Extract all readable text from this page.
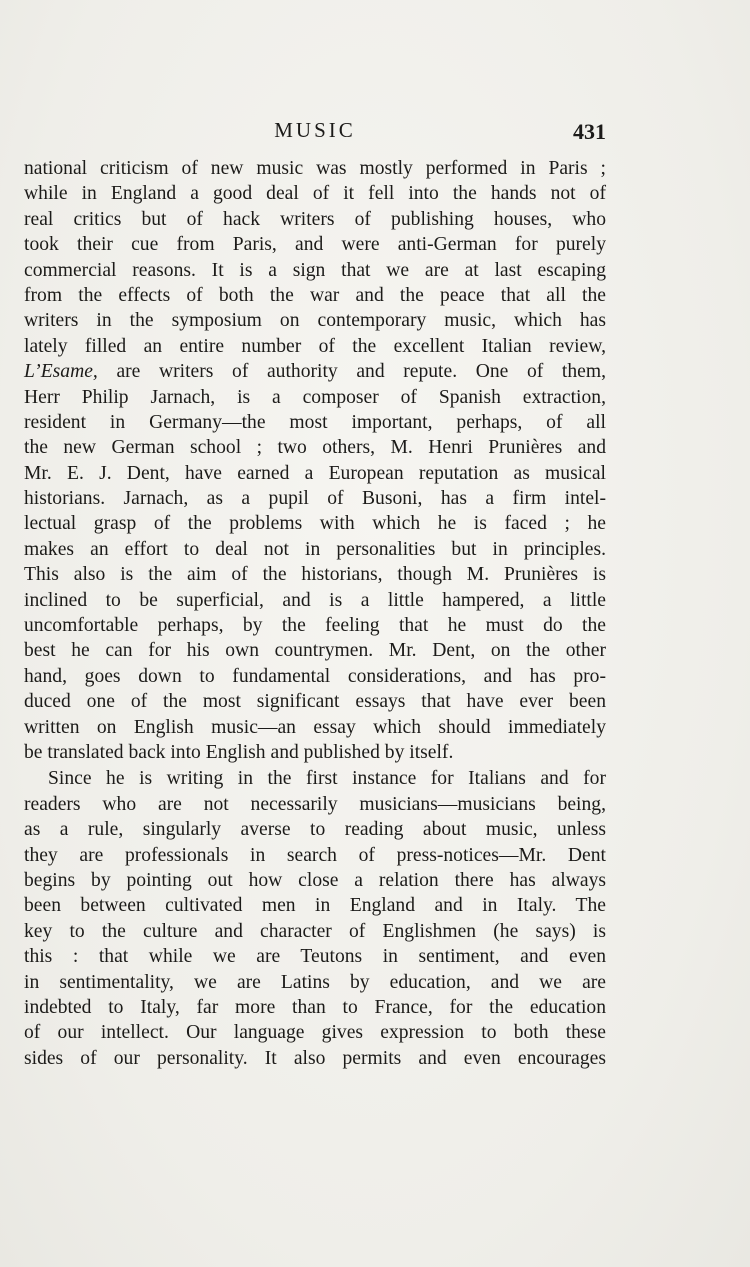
MUSIC	431
national criticism of new music was mostly performed in Paris ;
while in England a good deal of it fell into the hands not of
real critics but of hack writers of publishing houses, who
took their cue from Paris, and were anti-German for purely
commercial reasons. It is a sign that we are at last escaping
from the effects of both the war and the peace that all the
writers in the symposium on contemporary music, which has
lately filled an entire number of the excellent Italian review,
L’Esame, are writers of authority and repute. One of them,
Herr Philip Jarnach, is a composer of Spanish extraction,
resident in Germany—the most important, perhaps, of all
the new German school ; two others, M. Henri Prunières and
Mr. E. J. Dent, have earned a European reputation as musical
historians. Jarnach, as a pupil of Busoni, has a firm intel-
lectual grasp of the problems with which he is faced ; he
makes an effort to deal not in personalities but in principles.
This also is the aim of the historians, though M. Prunières is
inclined to be superficial, and is a little hampered, a little
uncomfortable perhaps, by the feeling that he must do the
best he can for his own countrymen. Mr. Dent, on the other
hand, goes down to fundamental considerations, and has pro-
duced one of the most significant essays that have ever been
written on English music—an essay which should immediately
be translated back into English and published by itself.
Since he is writing in the first instance for Italians and for
readers who are not necessarily musicians—musicians being,
as a rule, singularly averse to reading about music, unless
they are professionals in search of press-notices—Mr. Dent
begins by pointing out how close a relation there has always
been between cultivated men in England and in Italy. The
key to the culture and character of Englishmen (he says) is
this : that while we are Teutons in sentiment, and even
in sentimentality, we are Latins by education, and we are
indebted to Italy, far more than to France, for the education
of our intellect. Our language gives expression to both these
sides of our personality. It also permits and even encourages
